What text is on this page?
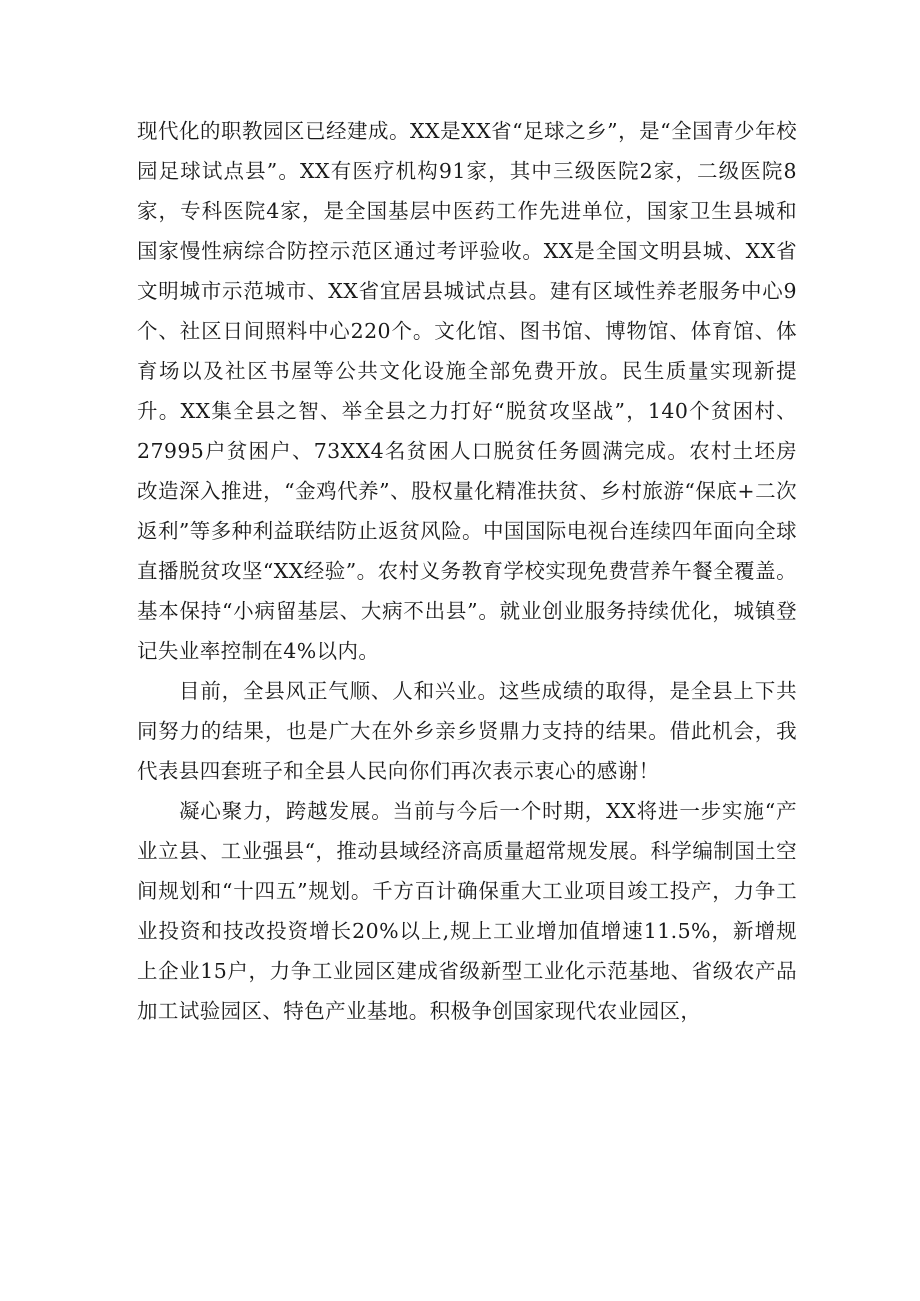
现代化的职教园区已经建成。XX是XX省“足球之乡”，是“全国青少年校园足球试点县”。XX有医疗机构91家，其中三级医院2家，二级医院8家，专科医院4家，是全国基层中医药工作先进单位，国家卫生县城和国家慢性病综合防控示范区通过考评验收。XX是全国文明县城、XX省文明城市示范城市、XX省宜居县城试点县。建有区域性养老服务中心9个、社区日间照料中心220个。文化馆、图书馆、博物馆、体育馆、体育场以及社区书屋等公共文化设施全部免费开放。民生质量实现新提升。XX集全县之智、举全县之力打好“脱贫攻坚战”，140个贫困村、27995户贫困户、73XX4名贫困人口脱贫任务圆满完成。农村土坯房改造深入推进，“金鸡代养”、股权量化精准扶贫、乡村旅游“保底+二次返利”等多种利益联结防止返贫风险。中国国际电视台连续四年面向全球直播脱贫攻坚“XX经验”。农村义务教育学校实现免费营养午餐全覆盖。基本保持“小病留基层、大病不出县”。就业创业服务持续优化，城镇登记失业率控制在4%以内。

目前，全县风正气顺、人和兴业。这些成绩的取得，是全县上下共同努力的结果，也是广大在外乡亲乡贤鼎力支持的结果。借此机会，我代表县四套班子和全县人民向你们再次表示衷心的感谢！

凝心聚力，跨越发展。当前与今后一个时期，XX将进一步实施“产业立县、工业强县“，推动县域经济高质量超常规发展。科学编制国土空间规划和“十四五”规划。千方百计确保重大工业项目竣工投产，力争工业投资和技改投资增长20%以上,规上工业增加值增速11.5%，新增规上企业15户，力争工业园区建成省级新型工业化示范基地、省级农产品加工试验园区、特色产业基地。积极争创国家现代农业园区，
